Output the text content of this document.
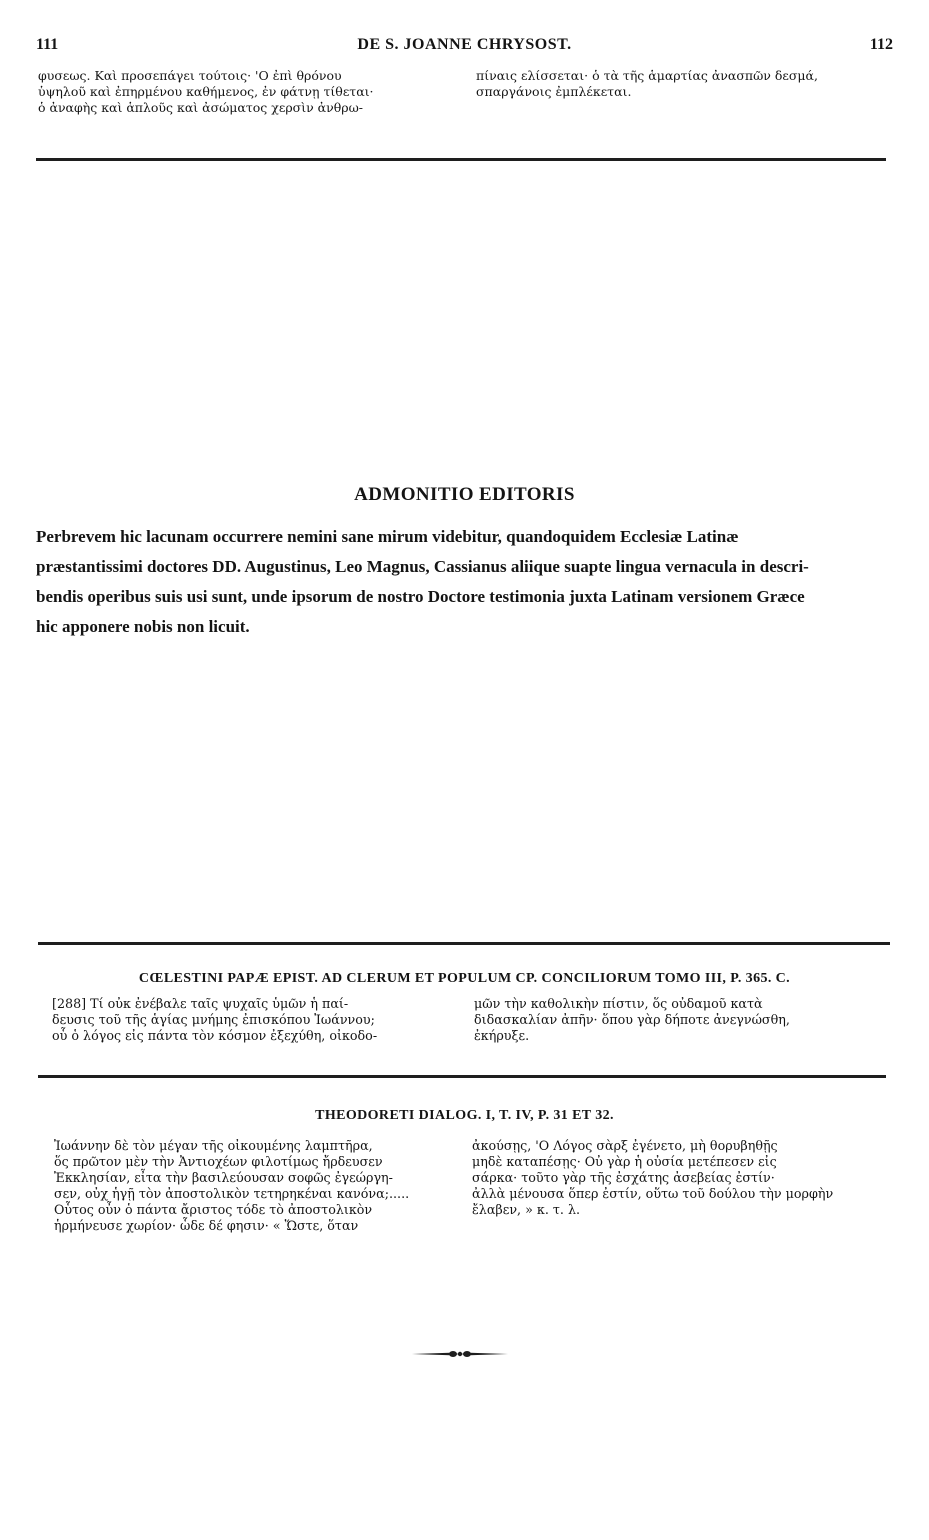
111	DE S. JOANNE CHRYSOST.	112
φυσεως. Καὶ προσεπάγει τούτοις· 'Ο ἐπὶ θρόνου
ὑψηλοῦ καὶ ἐπηρμένου καθήμενος, ἐν φάτνῃ τίθεται·
ὁ ἀναφὴς καὶ ἁπλοῦς καὶ ἀσώματος χερσὶν ἀνθρω-
πίναις ελίσσεται· ὁ τὰ τῆς ἁμαρτίας ἀνασπῶν δεσμά,
σπαργάνοις ἐμπλέκεται.
ADMONITIO EDITORIS
Perbrevem hic lacunam occurrere nemini sane mirum videbitur, quandoquidem Ecclesiæ Latinæ
præstantissimi doctores DD. Augustinus, Leo Magnus, Cassianus aliique suapte lingua vernacula in descri-
bendis operibus suis usi sunt, unde ipsorum de nostro Doctore testimonia juxta Latinam versionem Græce
hic apponere nobis non licuit.
CŒLESTINI PAPÆ EPIST. AD CLERUM ET POPULUM CP. CONCILIORUM TOMO III, P. 365. C.
[288] Τί οὐκ ἐνέβαλε ταῖς ψυχαῖς ὑμῶν ἡ παί-
δευσις τοῦ τῆς ἁγίας μνήμης ἐπισκόπου Ἰωάννου;
οὗ ὁ λόγος εἰς πάντα τὸν κόσμον ἐξεχύθη, οἰκοδο-
μῶν τὴν καθολικὴν πίστιν, ὅς οὐδαμοῦ κατὰ
διδασκαλίαν ἀπῆν· ὅπου γὰρ δήποτε ἀνεγνώσθη,
ἐκήρυξε.
THEODORETI DIALOG. I, T. IV, P. 31 ET 32.
Ἰωάννην δὲ τὸν μέγαν τῆς οἰκουμένης λαμπτῆρα,
ὅς πρῶτον μὲν τὴν Ἀντιοχέων φιλοτίμως ἤρδευσεν
Ἐκκλησίαν, εἶτα τὴν βασιλεύουσαν σοφῶς ἐγεώργη-
σεν, οὐχ ἡγῇ τὸν ἀποστολικὸν τετηρηκέναι κανόνα;.....
Οὗτος οὖν ὁ πάντα ἄριστος τόδε τὸ ἀποστολικὸν
ἡρμήνευσε χωρίον· ὧδε δέ φησιν· « Ὥστε, ὅταν
ἀκούσῃς, 'Ο Λόγος σὰρξ ἐγένετο, μὴ θορυβηθῇς
μηδὲ καταπέσῃς· Οὐ γὰρ ἡ οὐσία μετέπεσεν εἰς
σάρκα· τοῦτο γὰρ τῆς ἐσχάτης ἀσεβείας ἐστίν·
ἀλλὰ μένουσα ὅπερ ἐστίν, οὕτω τοῦ δούλου τὴν μορφὴν
ἔλαβεν, » κ. τ. λ.
